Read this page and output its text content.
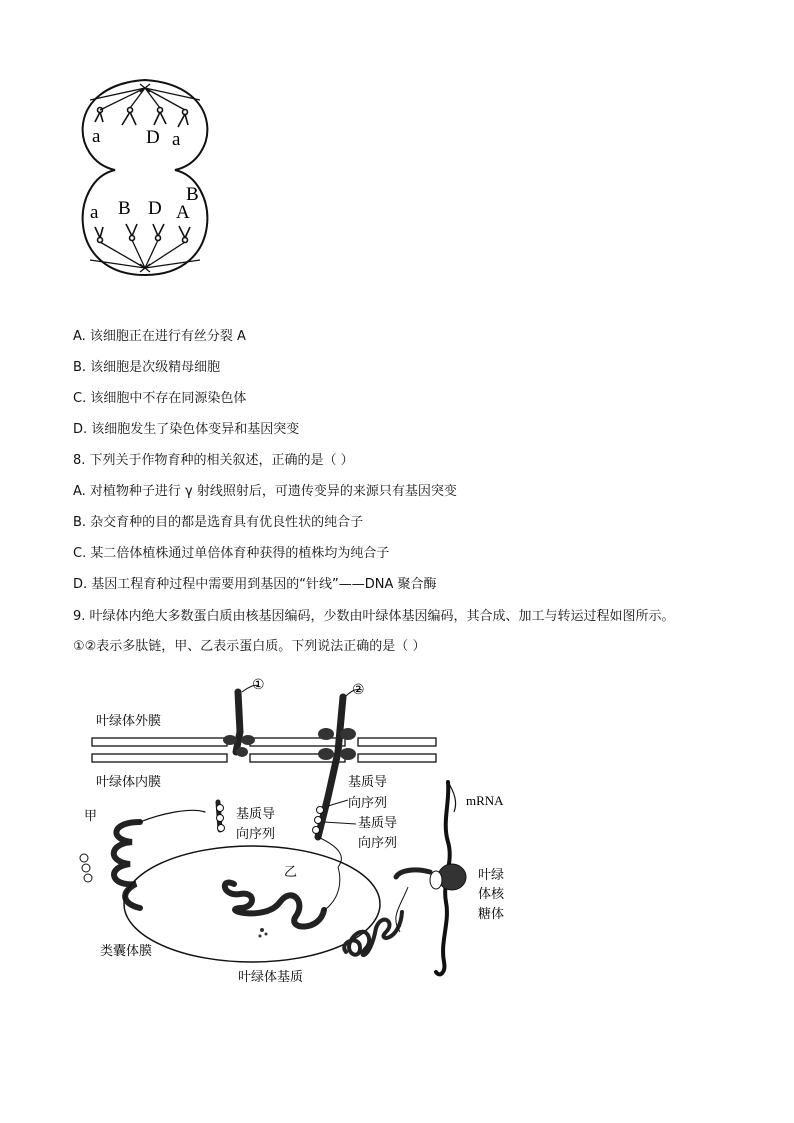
a D a
a B D A
B
A. 该细胞正在进行有丝分裂 A
B. 该细胞是次级精母细胞
C. 该细胞中不存在同源染色体
D. 该细胞发生了染色体变异和基因突变
8. 下列关于作物育种的相关叙述，正确的是（ ）
A. 对植物种子进行 γ 射线照射后，可遗传变异的来源只有基因突变
B. 杂交育种的目的都是选育具有优良性状的纯合子
C. 某二倍体植株通过单倍体育种获得的植株均为纯合子
D. 基因工程育种过程中需要用到基因的“针线”——DNA 聚合酶
9. 叶绿体内绝大多数蛋白质由核基因编码，少数由叶绿体基因编码，其合成、加工与转运过程如图所示。
①②表示多肽链，甲、乙表示蛋白质。下列说法正确的是（ ）
①	②
叶绿体外膜
叶绿体内膜
甲	基质导
向序列
基质导
向序列
基质导
向序列
乙
mRNA
叶绿
体核
糖体
类囊体膜
叶绿体基质
